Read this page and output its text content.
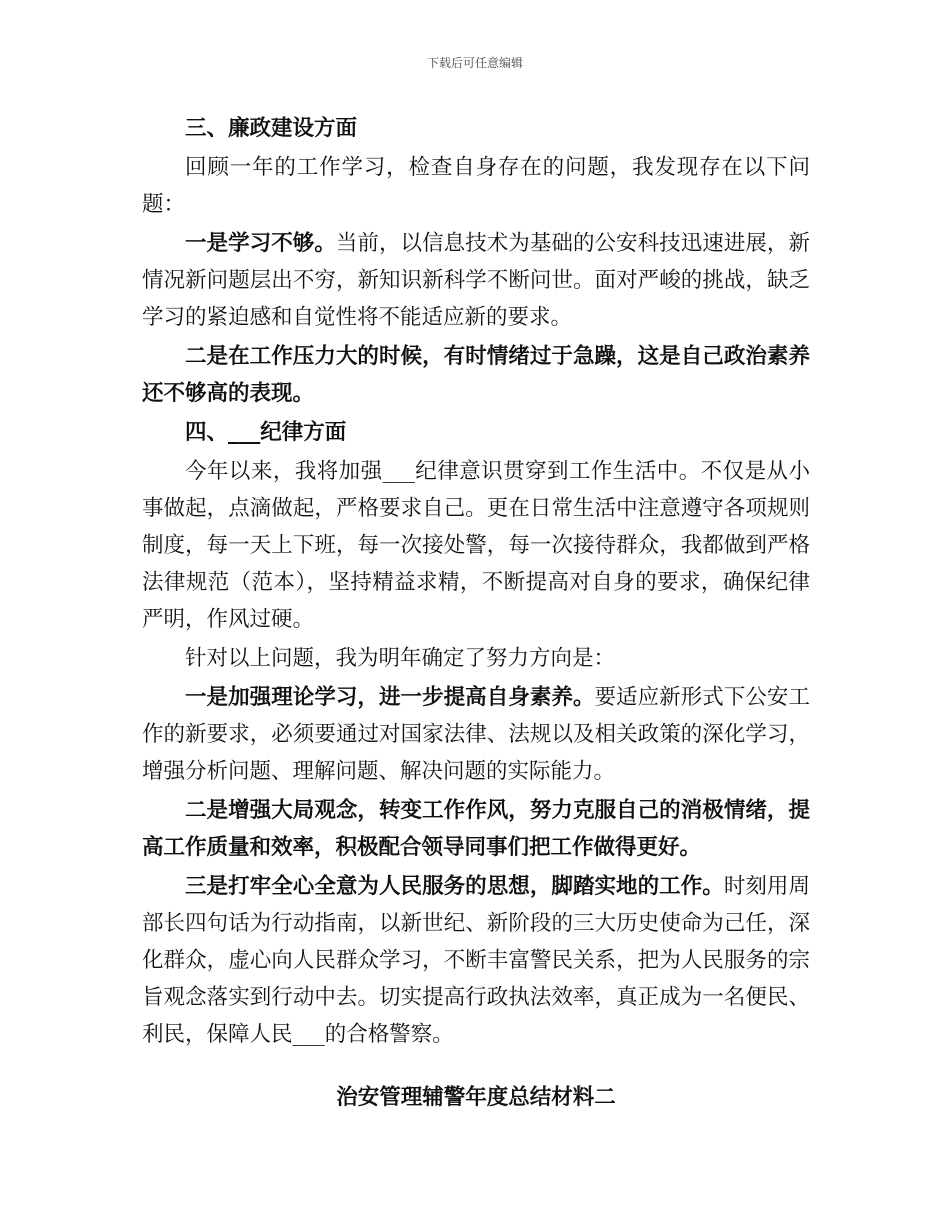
下载后可任意编辑

三、廉政建设方面

回顾一年的工作学习，检查自身存在的问题，我发现存在以下问题：

一是学习不够。当前，以信息技术为基础的公安科技迅速进展，新情况新问题层出不穷，新知识新科学不断问世。面对严峻的挑战，缺乏学习的紧迫感和自觉性将不能适应新的要求。

二是在工作压力大的时候，有时情绪过于急躁，这是自己政治素养还不够高的表现。

四、___纪律方面

今年以来，我将加强___纪律意识贯穿到工作生活中。不仅是从小事做起，点滴做起，严格要求自己。更在日常生活中注意遵守各项规则制度，每一天上下班，每一次接处警，每一次接待群众，我都做到严格法律规范（范本），坚持精益求精，不断提高对自身的要求，确保纪律严明，作风过硬。

针对以上问题，我为明年确定了努力方向是：

一是加强理论学习，进一步提高自身素养。要适应新形式下公安工作的新要求，必须要通过对国家法律、法规以及相关政策的深化学习，增强分析问题、理解问题、解决问题的实际能力。

二是增强大局观念，转变工作作风，努力克服自己的消极情绪，提高工作质量和效率，积极配合领导同事们把工作做得更好。

三是打牢全心全意为人民服务的思想，脚踏实地的工作。时刻用周部长四句话为行动指南，以新世纪、新阶段的三大历史使命为己任，深化群众，虚心向人民群众学习，不断丰富警民关系，把为人民服务的宗旨观念落实到行动中去。切实提高行政执法效率，真正成为一名便民、利民，保障人民___的合格警察。

治安管理辅警年度总结材料二
